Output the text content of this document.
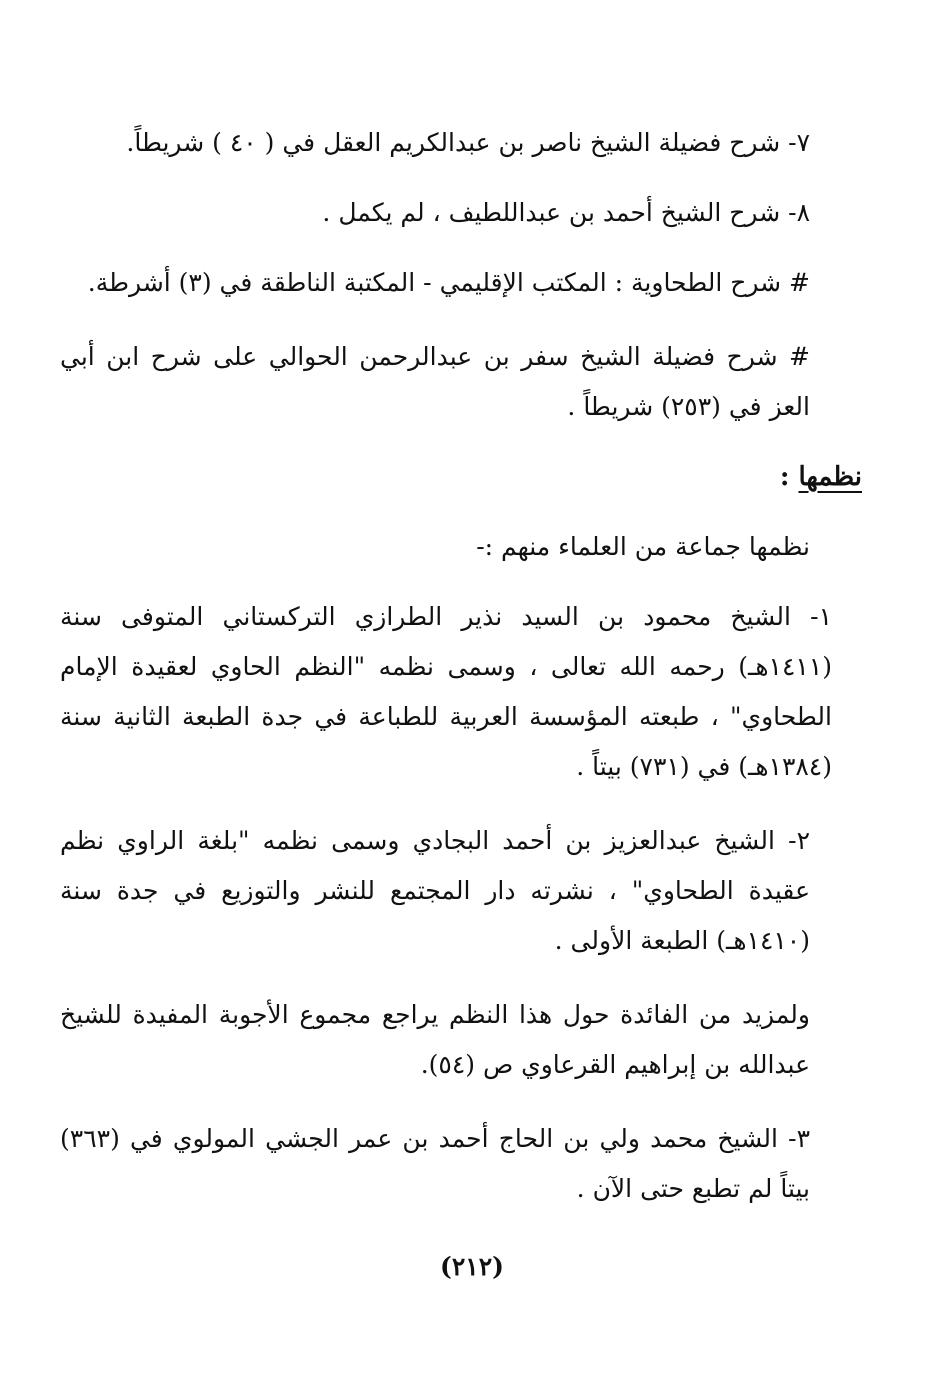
٧- شرح فضيلة الشيخ ناصر بن عبدالكريم العقل في ( ٤٠ ) شريطاً.

٨- شرح الشيخ أحمد بن عبداللطيف ، لم يكمل .

# شرح الطحاوية : المكتب الإقليمي - المكتبة الناطقة في (٣) أشرطة.

# شرح فضيلة الشيخ سفر بن عبدالرحمن الحوالي على شرح ابن أبي العز في (٢٥٣) شريطاً .

نظمها :

نظمها جماعة من العلماء منهم :-

١- الشيخ محمود بن السيد نذير الطرازي التركستاني المتوفى سنة (١٤١١هـ) رحمه الله تعالى ، وسمى نظمه "النظم الحاوي لعقيدة الإمام الطحاوي" ، طبعته المؤسسة العربية للطباعة في جدة الطبعة الثانية سنة (١٣٨٤هـ) في (٧٣١) بيتاً .

٢- الشيخ عبدالعزيز بن أحمد البجادي وسمى نظمه "بلغة الراوي نظم عقيدة الطحاوي" ، نشرته دار المجتمع للنشر والتوزيع في جدة سنة (١٤١٠هـ) الطبعة الأولى .

ولمزيد من الفائدة حول هذا النظم يراجع مجموع الأجوبة المفيدة للشيخ عبدالله بن إبراهيم القرعاوي ص (٥٤).

٣- الشيخ محمد ولي بن الحاج أحمد بن عمر الجشي المولوي في (٣٦٣) بيتاً لم تطبع حتى الآن .

(٢١٢)
